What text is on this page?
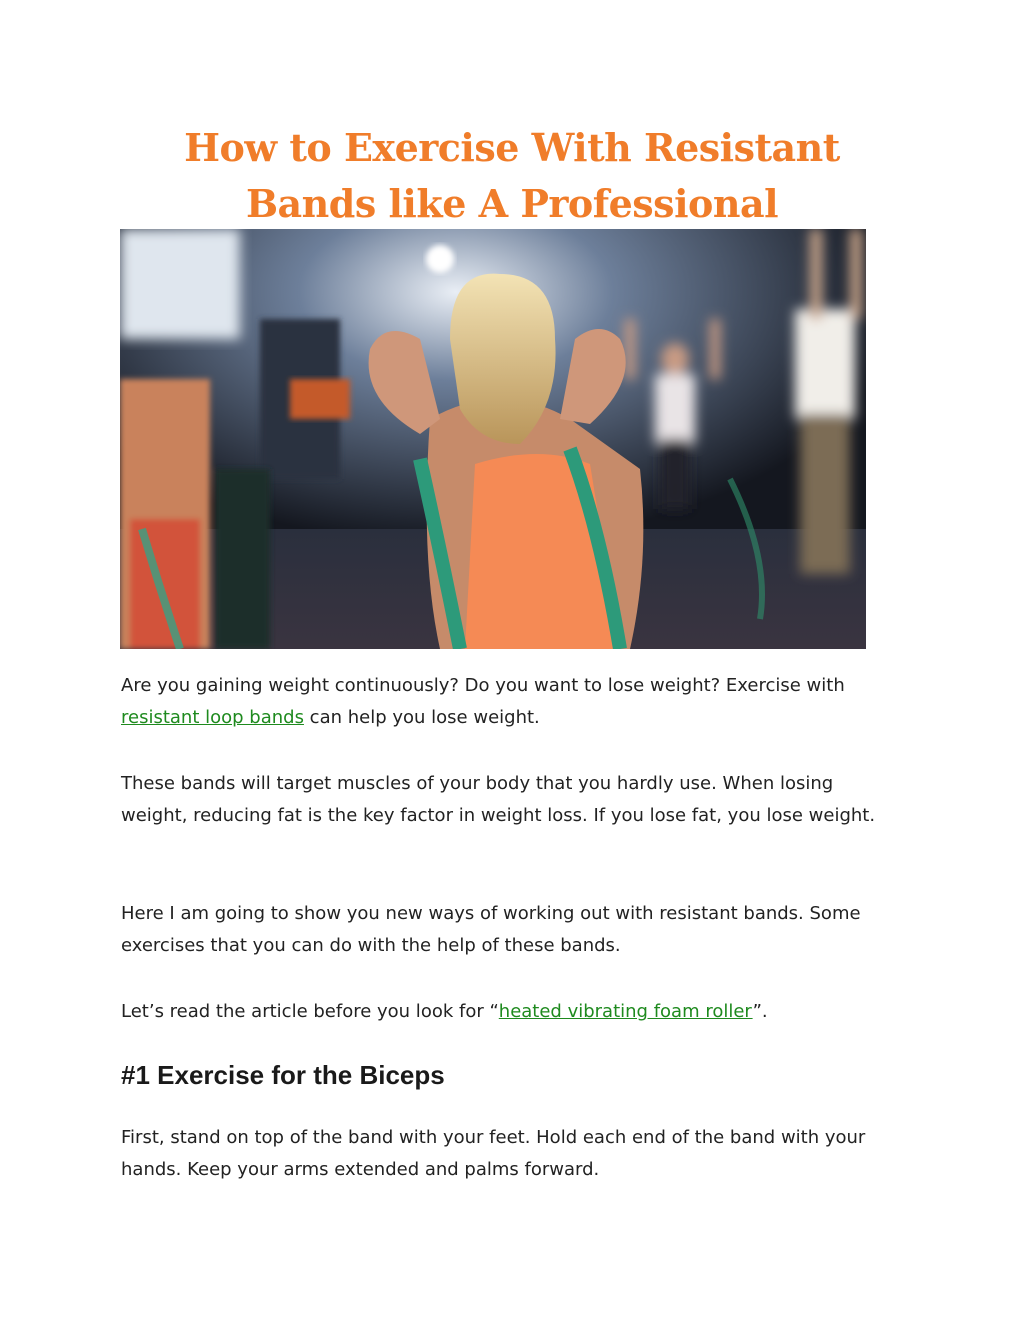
How to Exercise With Resistant
Bands like A Professional

Are you gaining weight continuously? Do you want to lose weight? Exercise with resistant loop bands can help you lose weight.

These bands will target muscles of your body that you hardly use. When losing weight, reducing fat is the key factor in weight loss. If you lose fat, you lose weight.

Here I am going to show you new ways of working out with resistant bands. Some exercises that you can do with the help of these bands.

Let’s read the article before you look for “heated vibrating foam roller”.

#1 Exercise for the Biceps

First, stand on top of the band with your feet. Hold each end of the band with your hands. Keep your arms extended and palms forward.
